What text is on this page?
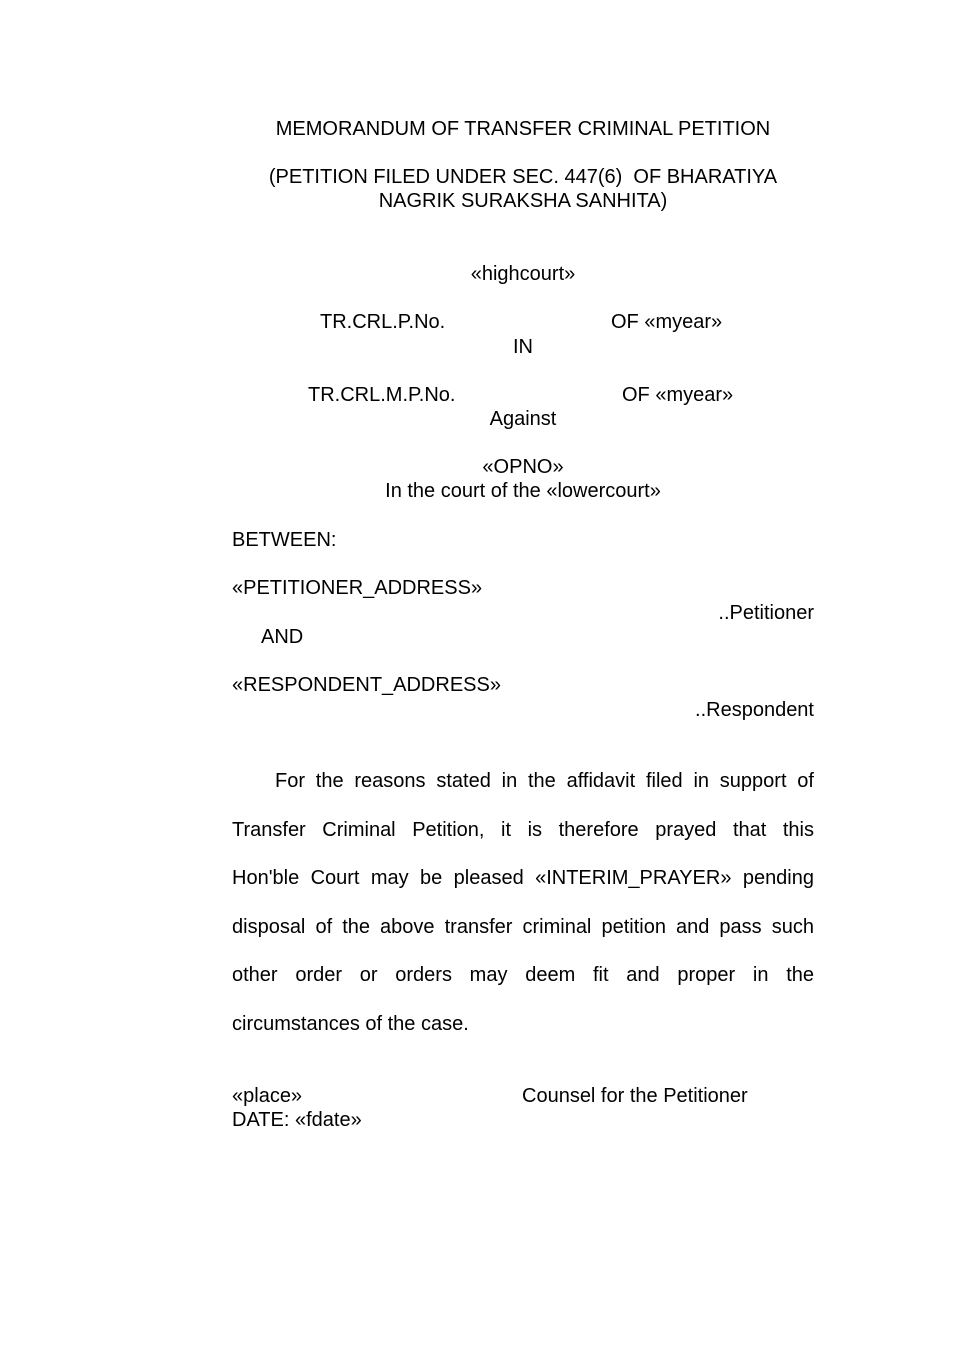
MEMORANDUM OF TRANSFER CRIMINAL PETITION
(PETITION FILED UNDER SEC. 447(6)  OF BHARATIYA
NAGRIK SURAKSHA SANHITA)
«highcourt»
TR.CRL.P.No.	OF «myear»
IN
TR.CRL.M.P.No.	OF «myear»
Against
«OPNO»
In the court of the «lowercourt»
BETWEEN:
«PETITIONER_ADDRESS»
..Petitioner
AND
«RESPONDENT_ADDRESS»
..Respondent
For the reasons stated in the affidavit filed in support of
Transfer Criminal Petition, it is therefore prayed that this
Hon'ble Court may be pleased «INTERIM_PRAYER» pending
disposal of the above transfer criminal petition and pass such
other order or orders may deem fit and proper in the
circumstances of the case.
«place»	Counsel for the Petitioner
DATE: «fdate»
